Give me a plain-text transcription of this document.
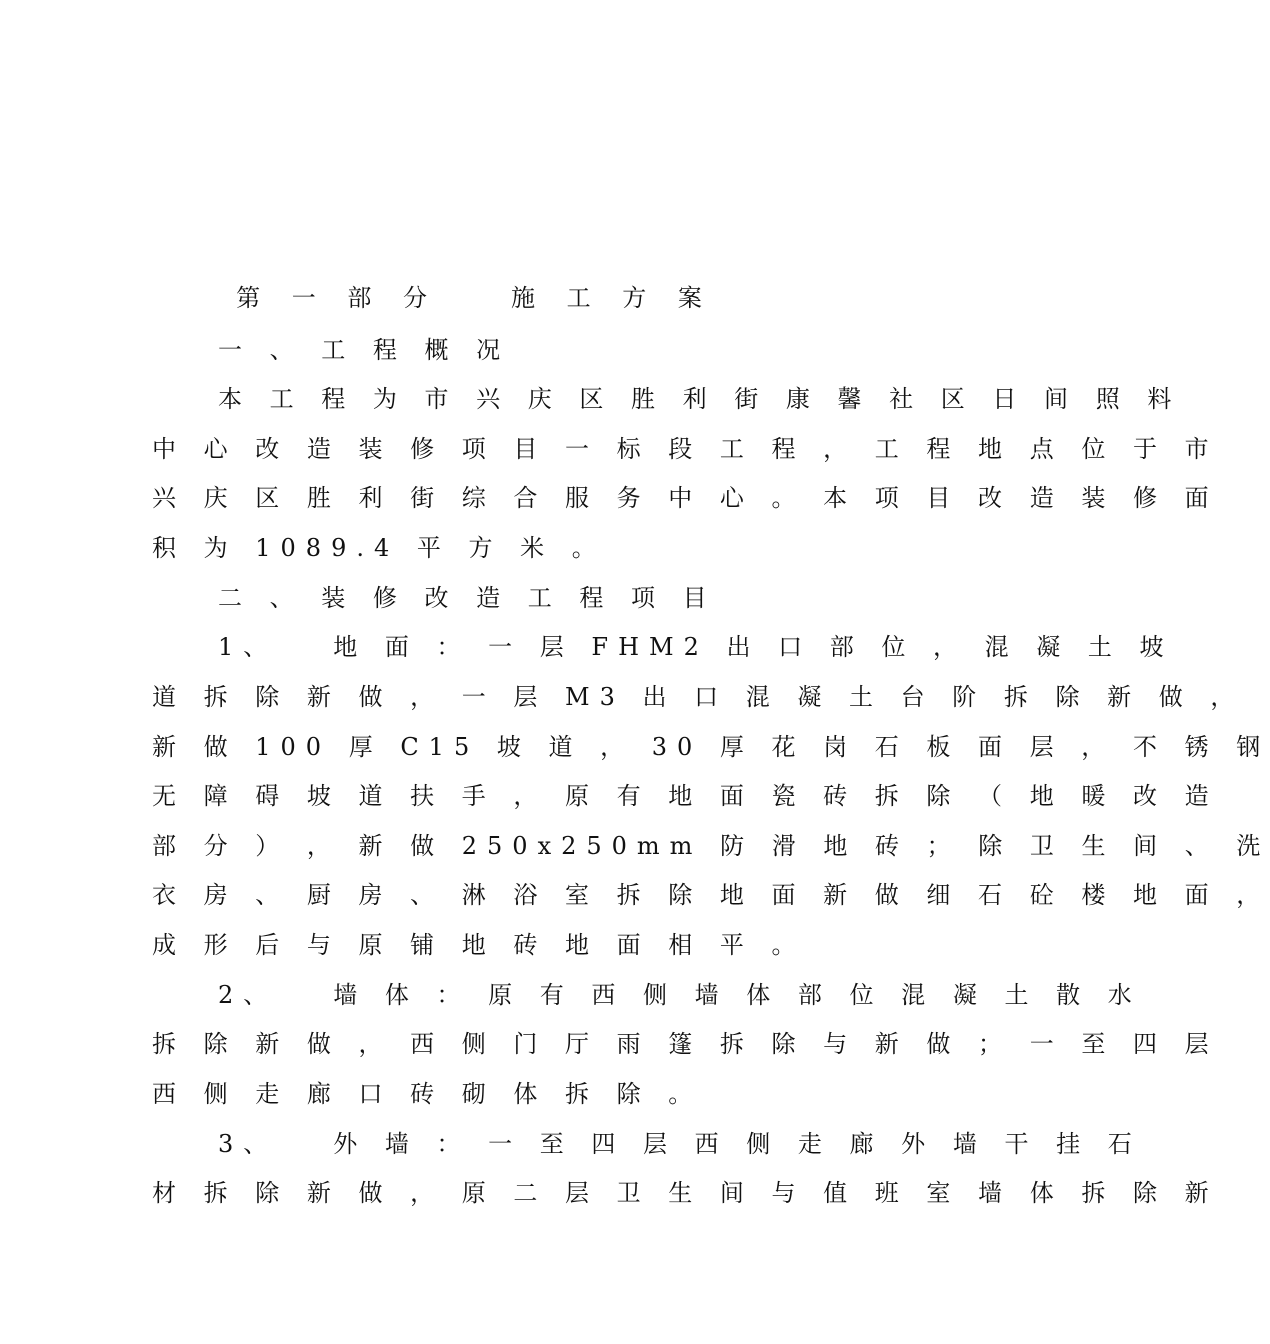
第 一 部 分　　施 工 方 案
一 、 工 程 概 况
本 工 程 为 市 兴 庆 区 胜 利 街 康 馨 社 区 日 间 照 料
中 心 改 造 装 修 项 目 一 标 段 工 程 ， 工 程 地 点 位 于 市
兴 庆 区 胜 利 街 综 合 服 务 中 心 。 本 项 目 改 造 装 修 面
积 为 1089.4 平 方 米 。
二 、 装 修 改 造 工 程 项 目
1、　　地 面 ： 一 层 FHM2 出 口 部 位 ， 混 凝 土 坡
道 拆 除 新 做 ， 一 层 M3 出 口 混 凝 土 台 阶 拆 除 新 做 ，
新 做 100 厚 C15 坡 道 ， 30 厚 花 岗 石 板 面 层 ， 不 锈 钢
无 障 碍 坡 道 扶 手 ， 原 有 地 面 瓷 砖 拆 除 （ 地 暖 改 造
部 分 ） ， 新 做 250x250mm 防 滑 地 砖 ； 除 卫 生 间 、 洗
衣 房 、 厨 房 、 淋 浴 室 拆 除 地 面 新 做 细 石 砼 楼 地 面 ，
成 形 后 与 原 铺 地 砖 地 面 相 平 。
2、　　墙 体 ： 原 有 西 侧 墙 体 部 位 混 凝 土 散 水
拆 除 新 做 ， 西 侧 门 厅 雨 篷 拆 除 与 新 做 ； 一 至 四 层
西 侧 走 廊 口 砖 砌 体 拆 除 。
3、　　外 墙 ： 一 至 四 层 西 侧 走 廊 外 墙 干 挂 石
材 拆 除 新 做 ， 原 二 层 卫 生 间 与 值 班 室 墙 体 拆 除 新
